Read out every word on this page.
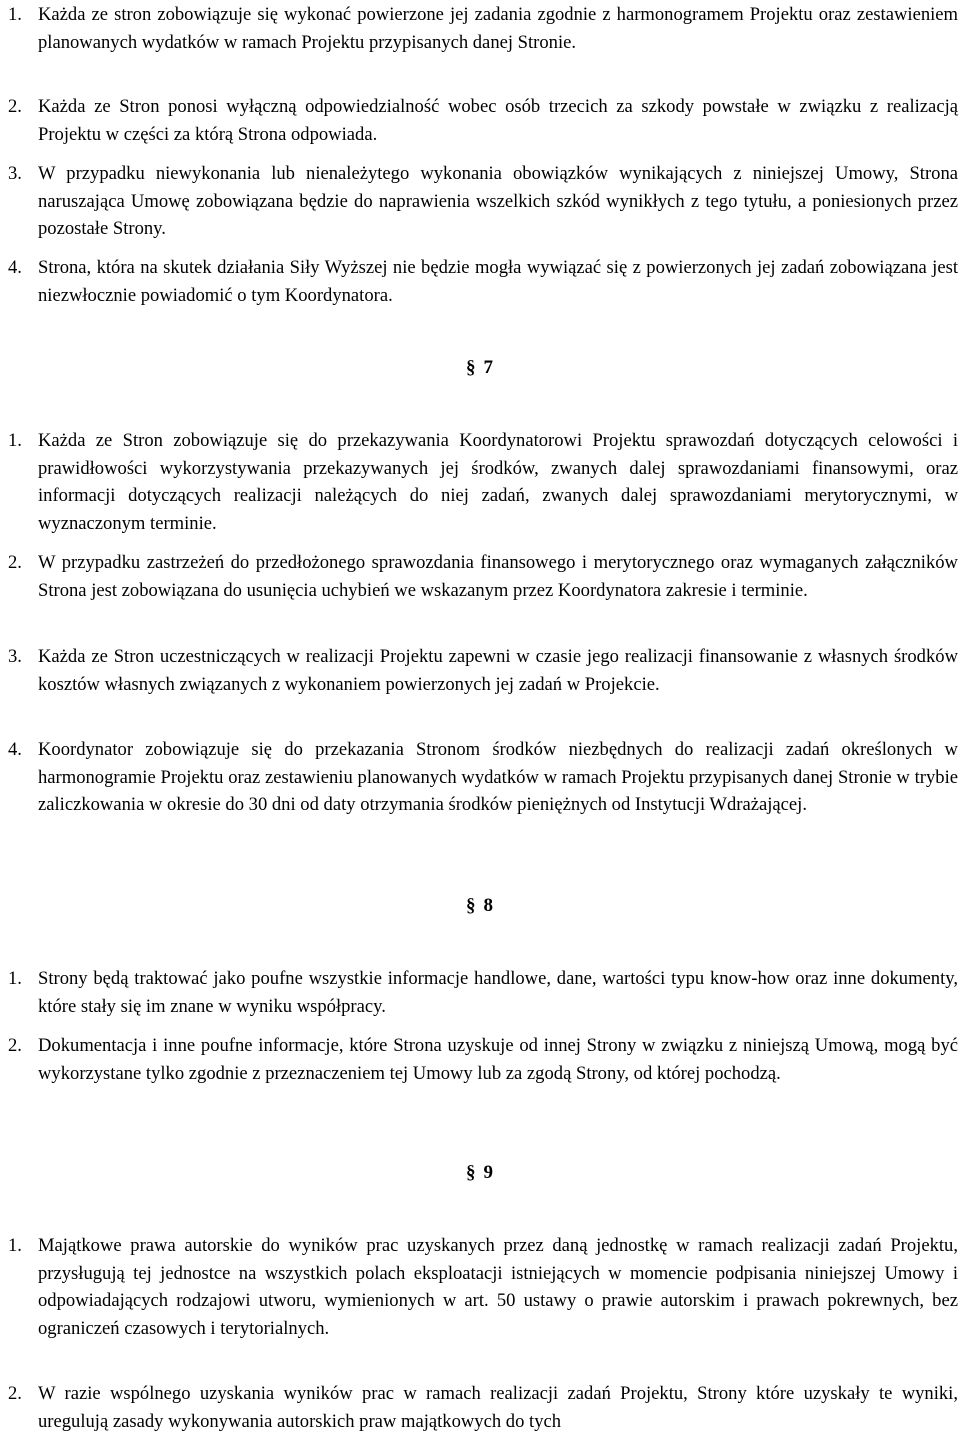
1. Każda ze stron zobowiązuje się wykonać powierzone jej zadania zgodnie z harmonogramem Projektu oraz zestawieniem planowanych wydatków w ramach Projektu przypisanych danej Stronie.
2. Każda ze Stron ponosi wyłączną odpowiedzialność wobec osób trzecich za szkody powstałe w związku z realizacją Projektu w części za którą Strona odpowiada.
3. W przypadku niewykonania lub nienależytego wykonania obowiązków wynikających z niniejszej Umowy, Strona naruszająca Umowę zobowiązana będzie do naprawienia wszelkich szkód wynikłych z tego tytułu, a poniesionych przez pozostałe Strony.
4. Strona, która na skutek działania Siły Wyższej nie będzie mogła wywiązać się z powierzonych jej zadań zobowiązana jest niezwłocznie powiadomić o tym Koordynatora.
§ 7
1. Każda ze Stron zobowiązuje się do przekazywania Koordynatorowi Projektu sprawozdań dotyczących celowości i prawidłowości wykorzystywania przekazywanych jej środków, zwanych dalej sprawozdaniami finansowymi, oraz informacji dotyczących realizacji należących do niej zadań, zwanych dalej sprawozdaniami merytorycznymi, w wyznaczonym terminie.
2. W przypadku zastrzeżeń do przedłożonego sprawozdania finansowego i merytorycznego oraz wymaganych załączników Strona jest zobowiązana do usunięcia uchybień we wskazanym przez Koordynatora zakresie i terminie.
3. Każda ze Stron uczestniczących w realizacji Projektu zapewni w czasie jego realizacji finansowanie z własnych środków kosztów własnych związanych z wykonaniem powierzonych jej zadań w Projekcie.
4. Koordynator zobowiązuje się do przekazania Stronom środków niezbędnych do realizacji zadań określonych w harmonogramie Projektu oraz zestawieniu planowanych wydatków w ramach Projektu przypisanych danej Stronie w trybie zaliczkowania w okresie do 30 dni od daty otrzymania środków pieniężnych od Instytucji Wdrażającej.
§ 8
1. Strony będą traktować jako poufne wszystkie informacje handlowe, dane, wartości typu know-how oraz inne dokumenty, które stały się im znane w wyniku współpracy.
2. Dokumentacja i inne poufne informacje, które Strona uzyskuje od innej Strony w związku z niniejszą Umową, mogą być wykorzystane tylko zgodnie z przeznaczeniem tej Umowy lub za zgodą Strony, od której pochodzą.
§ 9
1. Majątkowe prawa autorskie do wyników prac uzyskanych przez daną jednostkę w ramach realizacji zadań Projektu, przysługują tej jednostce na wszystkich polach eksploatacji istniejących w momencie podpisania niniejszej Umowy i odpowiadających rodzajowi utworu, wymienionych w art. 50 ustawy o prawie autorskim i prawach pokrewnych, bez ograniczeń czasowych i terytorialnych.
2. W razie wspólnego uzyskania wyników prac w ramach realizacji zadań Projektu, Strony które uzyskały te wyniki, uregulują zasady wykonywania autorskich praw majątkowych do tych
